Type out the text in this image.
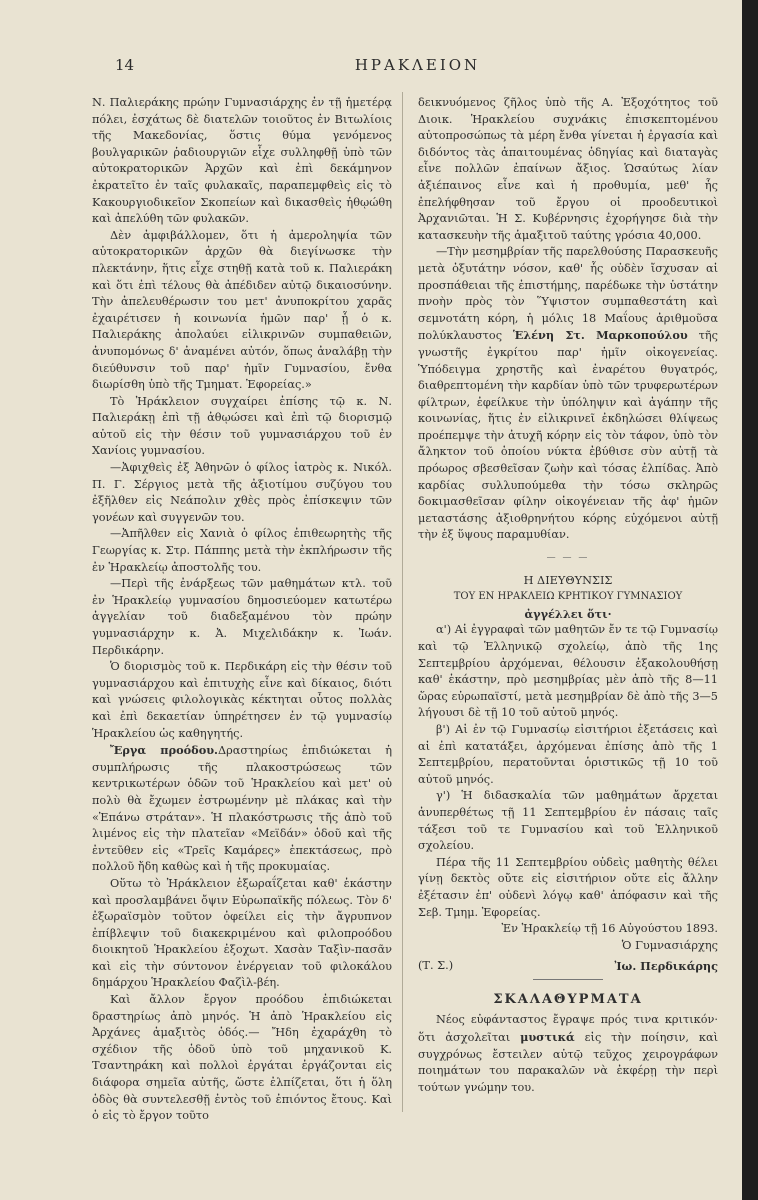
14	ΗΡΑΚΛΕΙΟΝ

Ν. Παλιεράκης πρώην Γυμνασιάρχης ἐν τῇ ἡμετέρᾳ πόλει, ἐσχάτως δὲ διατελῶν τοιοῦτος ἐν Βιτωλίοις τῆς Μακεδονίας, ὅστις θύμα γενόμενος βουλγαρικῶν ῥαδιουργιῶν εἶχε συλληφθῇ ὑπὸ τῶν αὐτοκρατορικῶν Ἀρχῶν καὶ ἐπὶ δεκάμηνον ἐκρατεῖτο ἐν ταῖς φυλακαῖς, παραπεμφθεὶς εἰς τὸ Κακουργιοδικεῖον Σκοπείων καὶ δικασθεὶς ἠθῳώθη καὶ ἀπελύθη τῶν φυλακῶν.

Δὲν ἀμφιβάλλομεν, ὅτι ἡ ἀμεροληψία τῶν αὐτοκρατορικῶν ἀρχῶν θὰ διεγίνωσκε τὴν πλεκτάνην, ἥτις εἶχε στηθῇ κατὰ τοῦ κ. Παλιεράκη καὶ ὅτι ἐπὶ τέλους θὰ ἀπέδιδεν αὐτῷ δικαιοσύνην. Τὴν ἀπελευθέρωσιν του μετ' ἀνυποκρίτου χαρᾶς ἐχαιρέτισεν ἡ κοινωνία ἡμῶν παρ' ᾗ ὁ κ. Παλιεράκης ἀπολαύει εἰλικρινῶν συμπαθειῶν, ἀνυπομόνως δ' ἀναμένει αὐτόν, ὅπως ἀναλάβῃ τὴν διεύθυνσιν τοῦ παρ' ἡμῖν Γυμνασίου, ἔνθα διωρίσθη ὑπὸ τῆς Τμηματ. Ἐφορείας.»

Τὸ Ἡράκλειον συγχαίρει ἐπίσης τῷ κ. Ν. Παλιεράκῃ ἐπὶ τῇ ἀθῳώσει καὶ ἐπὶ τῷ διορισμῷ αὐτοῦ εἰς τὴν θέσιν τοῦ γυμνασιάρχου τοῦ ἐν Χανίοις γυμνασίου.

—Ἀφιχθεὶς ἐξ Ἀθηνῶν ὁ φίλος ἰατρὸς κ. Νικόλ. Π. Γ. Σέργιος μετὰ τῆς ἀξιοτίμου συζύγου του ἐξῆλθεν εἰς Νεάπολιν χθὲς πρὸς ἐπίσκεψιν τῶν γονέων καὶ συγγενῶν του.

—Ἀπῆλθεν εἰς Χανιὰ ὁ φίλος ἐπιθεωρητὴς τῆς Γεωργίας κ. Στρ. Πάππης μετὰ τὴν ἐκπλήρωσιν τῆς ἐν Ἡρακλείῳ ἀποστολῆς του.

—Περὶ τῆς ἐνάρξεως τῶν μαθημάτων κτλ. τοῦ ἐν Ἡρακλείῳ γυμνασίου δημοσιεύομεν κατωτέρω ἀγγελίαν τοῦ διαδεξαμένου τὸν πρώην γυμνασιάρχην κ. Ἀ. Μιχελιδάκην κ. Ἰωάν. Περδικάρην.

Ὁ διορισμὸς τοῦ κ. Περδικάρη εἰς τὴν θέσιν τοῦ γυμνασιάρχου καὶ ἐπιτυχὴς εἶνε καὶ δίκαιος, διότι καὶ γνώσεις φιλολογικὰς κέκτηται οὗτος πολλὰς καὶ ἐπὶ δεκαετίαν ὑπηρέτησεν ἐν τῷ γυμνασίῳ Ἡρακλείου ὡς καθηγητής.

Ἔργα προόδου.Δραστηρίως ἐπιδιώκεται ἡ συμπλήρωσις τῆς πλακοστρώσεως τῶν κεντρικωτέρων ὁδῶν τοῦ Ἡρακλείου καὶ μετ' οὐ πολὺ θὰ ἔχωμεν ἐστρωμένην μὲ πλάκας καὶ τὴν «Ἐπάνω στράταν». Ἡ πλακόστρωσις τῆς ἀπὸ τοῦ λιμένος εἰς τὴν πλατεῖαν «Μεϊδάν» ὁδοῦ καὶ τῆς ἐντεῦθεν εἰς «Τρεῖς Καμάρες» ἐπεκτάσεως, πρὸ πολλοῦ ἤδη καθὼς καὶ ἡ τῆς προκυμαίας.

Οὕτω τὸ Ἡράκλειον ἐξωραΐζεται καθ' ἑκάστην καὶ προσλαμβάνει ὄψιν Εὐρωπαϊκῆς πόλεως. Τὸν δ' ἐξωραϊσμὸν τοῦτον ὀφείλει εἰς τὴν ἄγρυπνον ἐπίβλεψιν τοῦ διακεκριμένου καὶ φιλοπροόδου διοικητοῦ Ἡρακλείου ἐξοχωτ. Χασὰν Ταξὶν-πασᾶν καὶ εἰς τὴν σύντονον ἐνέργειαν τοῦ φιλοκάλου δημάρχου Ἡρακλείου Φαζὶλ-βέη.

Καὶ ἄλλον ἔργον προόδου ἐπιδιώκεται δραστηρίως ἀπὸ μηνός. Ἡ ἀπὸ Ἡρακλείου εἰς Ἀρχάνες ἁμαξιτὸς ὁδός.— Ἤδη ἐχαράχθη τὸ σχέδιον τῆς ὁδοῦ ὑπὸ τοῦ μηχανικοῦ Κ. Τσαντηράκη καὶ πολλοὶ ἐργάται ἐργάζονται εἰς διάφορα σημεῖα αὐτῆς, ὥστε ἐλπίζεται, ὅτι ἡ ὅλη ὁδὸς θὰ συντελεσθῇ ἐντὸς τοῦ ἐπιόντος ἔτους. Καὶ ὁ εἰς τὸ ἔργον τοῦτο

δεικνυόμενος ζῆλος ὑπὸ τῆς Α. Ἐξοχότητος τοῦ Διοικ. Ἡρακλείου συχνάκις ἐπισκεπτομένου αὐτοπροσώπως τὰ μέρη ἔνθα γίνεται ἡ ἐργασία καὶ διδόντος τὰς ἀπαιτουμένας ὁδηγίας καὶ διαταγὰς εἶνε πολλῶν ἐπαίνων ἄξιος. Ὡσαύτως λίαν ἀξιέπαινος εἶνε καὶ ἡ προθυμία, μεθ' ἧς ἐπελήφθησαν τοῦ ἔργου οἱ προοδευτικοὶ Ἀρχανιῶται. Ἡ Σ. Κυβέρνησις ἐχορήγησε διὰ τὴν κατασκευὴν τῆς ἁμαξιτοῦ ταύτης γρόσια 40,000.

—Τὴν μεσημβρίαν τῆς παρελθούσης Παρασκευῆς μετὰ ὀξυτάτην νόσον, καθ' ἧς οὐδὲν ἴσχυσαν αἱ προσπάθειαι τῆς ἐπιστήμης, παρέδωκε τὴν ὑστάτην πνοὴν πρὸς τὸν Ὕψιστον συμπαθεστάτη καὶ σεμνοτάτη κόρη, ἡ μόλις 18 Μαΐους ἀριθμοῦσα πολύκλαυστος Ἑλένη Στ. Μαρκοπούλου τῆς γνωστῆς ἐγκρίτου παρ' ἡμῖν οἰκογενείας. Ὑπόδειγμα χρηστῆς καὶ ἐναρέτου θυγατρός, διαθρεπτομένη τὴν καρδίαν ὑπὸ τῶν τρυφερωτέρων φίλτρων, ἐφείλκυε τὴν ὑπόληψιν καὶ ἀγάπην τῆς κοινωνίας, ἥτις ἐν εἰλικρινεῖ ἐκδηλώσει θλίψεως προέπεμψε τὴν ἀτυχῆ κόρην εἰς τὸν τάφον, ὑπὸ τὸν ἄληκτον τοῦ ὁποίου νύκτα ἐβύθισε σὺν αὐτῇ τὰ πρόωρος σβεσθεῖσαν ζωὴν καὶ τόσας ἐλπίδας. Ἀπὸ καρδίας συλλυπούμεθα τὴν τόσω σκληρῶς δοκιμασθεῖσαν φίλην οἰκογένειαν τῆς ἀφ' ἡμῶν μεταστάσης ἀξιοθρηνήτου κόρης εὐχόμενοι αὐτῇ τὴν ἐξ ὕψους παραμυθίαν.

— — —

Η ΔΙΕΥΘΥΝΣΙΣ

ΤΟΥ ΕΝ ΗΡΑΚΛΕΙΩ ΚΡΗΤΙΚΟΥ ΓΥΜΝΑΣΙΟΥ

ἀγγέλλει ὅτι·

α') Αἱ ἐγγραφαὶ τῶν μαθητῶν ἔν τε τῷ Γυμνασίῳ καὶ τῷ Ἑλληνικῷ σχολείῳ, ἀπὸ τῆς 1ης Σεπτεμβρίου ἀρχόμεναι, θέλουσιν ἐξακολουθήσῃ καθ' ἑκάστην, πρὸ μεσημβρίας μὲν ἀπὸ τῆς 8—11 ὥρας εὐρωπαϊστί, μετὰ μεσημβρίαν δὲ ἀπὸ τῆς 3—5 λήγουσι δὲ τῇ 10 τοῦ αὐτοῦ μηνός.

β') Αἱ ἐν τῷ Γυμνασίῳ εἰσιτήριοι ἐξετάσεις καὶ αἱ ἐπὶ κατατάξει, ἀρχόμεναι ἐπίσης ἀπὸ τῆς 1 Σεπτεμβρίου, περατοῦνται ὁριστικῶς τῇ 10 τοῦ αὐτοῦ μηνός.

γ') Ἡ διδασκαλία τῶν μαθημάτων ἄρχεται ἀνυπερθέτως τῇ 11 Σεπτεμβρίου ἐν πάσαις ταῖς τάξεσι τοῦ τε Γυμνασίου καὶ τοῦ Ἑλληνικοῦ σχολείου.

Πέρα τῆς 11 Σεπτεμβρίου οὐδεὶς μαθητὴς θέλει γίνῃ δεκτὸς οὔτε εἰς εἰσιτήριον οὔτε εἰς ἄλλην ἐξέτασιν ἐπ' οὐδενὶ λόγῳ καθ' ἀπόφασιν καὶ τῆς Σεβ. Τμημ. Ἐφορείας.

Ἐν Ἡρακλείῳ τῇ 16 Αὐγούστου 1893.

Ὁ Γυμνασιάρχης

(Τ. Σ.)	Ἰω. Περδικάρης
ΣΚΑΛΑΘΥΡΜΑΤΑ

Νέος εὐφάνταστος ἔγραψε πρός τινα κριτικόν· ὅτι ἀσχολεῖται μυστικά εἰς τὴν ποίησιν, καὶ συγχρόνως ἔστειλεν αὐτῷ τεῦχος χειρογράφων ποιημάτων του παρακαλῶν νὰ ἐκφέρῃ τὴν περὶ τούτων γνώμην του.
